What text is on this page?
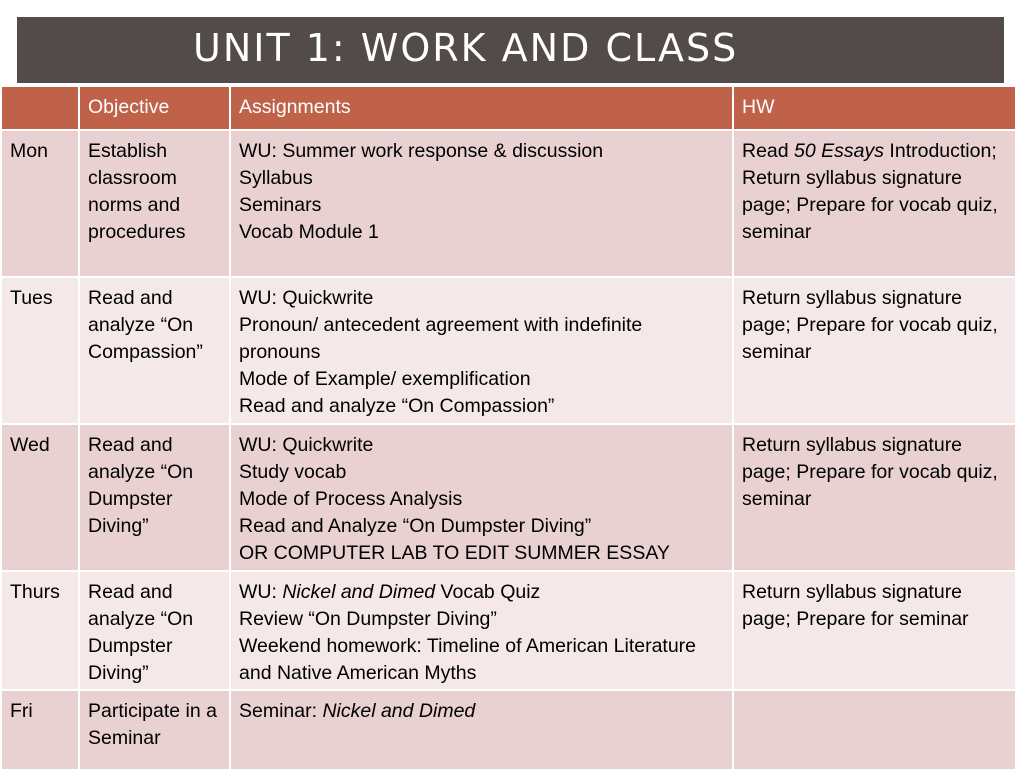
UNIT 1: WORK AND CLASS
	Objective	Assignments	HW
Mon	Establish classroom norms and procedures	WU: Summer work response & discussion
Syllabus
Seminars
Vocab Module 1	Read 50 Essays Introduction; Return syllabus signature page; Prepare for vocab quiz, seminar
Tues	Read and analyze “On Compassion”	WU: Quickwrite
Pronoun/ antecedent agreement with indefinite pronouns
Mode of Example/ exemplification
Read and analyze “On Compassion”	Return syllabus signature page; Prepare for vocab quiz, seminar
Wed	Read and analyze “On Dumpster Diving”	WU: Quickwrite
Study vocab
Mode of Process Analysis
Read and Analyze “On Dumpster Diving”
OR COMPUTER LAB TO EDIT SUMMER ESSAY	Return syllabus signature page; Prepare for vocab quiz, seminar
Thurs	Read and analyze “On Dumpster Diving”	WU: Nickel and Dimed Vocab Quiz
Review “On Dumpster Diving”
Weekend homework: Timeline of American Literature and Native American Myths	Return syllabus signature page; Prepare for seminar
Fri	Participate in a Seminar	Seminar: Nickel and Dimed	
